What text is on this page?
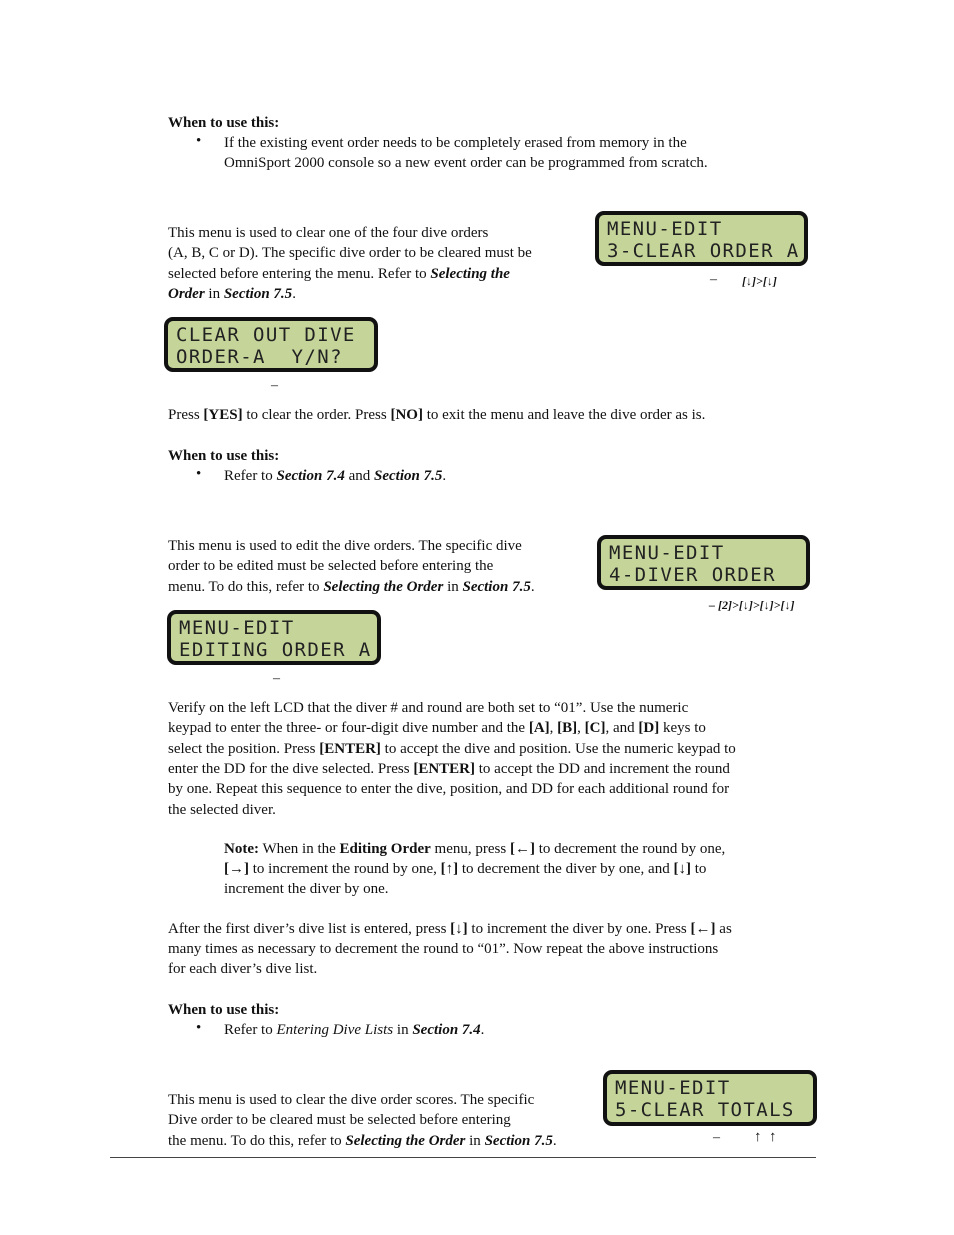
When to use this:
• If the existing event order needs to be completely erased from memory in the
OmniSport 2000 console so a new event order can be programmed from scratch.
MENU-EDIT
3-CLEAR ORDER A
– [↓]>[↓]
This menu is used to clear one of the four dive orders
(A, B, C or D). The specific dive order to be cleared must be
selected before entering the menu. Refer to Selecting the
Order in Section 7.5.
CLEAR OUT DIVE
ORDER-A  Y/N?
–
Press [YES] to clear the order. Press [NO] to exit the menu and leave the dive order as is.
When to use this:
• Refer to Section 7.4 and Section 7.5.
MENU-EDIT
4-DIVER ORDER
– [2]>[↓]>[↓]>[↓]
This menu is used to edit the dive orders. The specific dive
order to be edited must be selected before entering the
menu. To do this, refer to Selecting the Order in Section 7.5.
MENU-EDIT
EDITING ORDER A
–
Verify on the left LCD that the diver # and round are both set to “01”. Use the numeric
keypad to enter the three- or four-digit dive number and the [A], [B], [C], and [D] keys to
select the position. Press [ENTER] to accept the dive and position. Use the numeric keypad to
enter the DD for the dive selected. Press [ENTER] to accept the DD and increment the round
by one. Repeat this sequence to enter the dive, position, and DD for each additional round for
the selected diver.
Note: When in the Editing Order menu, press [←] to decrement the round by one,
[→] to increment the round by one, [↑] to decrement the diver by one, and [↓] to
increment the diver by one.
After the first diver’s dive list is entered, press [↓] to increment the diver by one. Press [←] as
many times as necessary to decrement the round to “01”. Now repeat the above instructions
for each diver’s dive list.
When to use this:
• Refer to Entering Dive Lists in Section 7.4.
MENU-EDIT
5-CLEAR TOTALS
– ↑  ↑
This menu is used to clear the dive order scores. The specific
Dive order to be cleared must be selected before entering
the menu. To do this, refer to Selecting the Order in Section 7.5.
